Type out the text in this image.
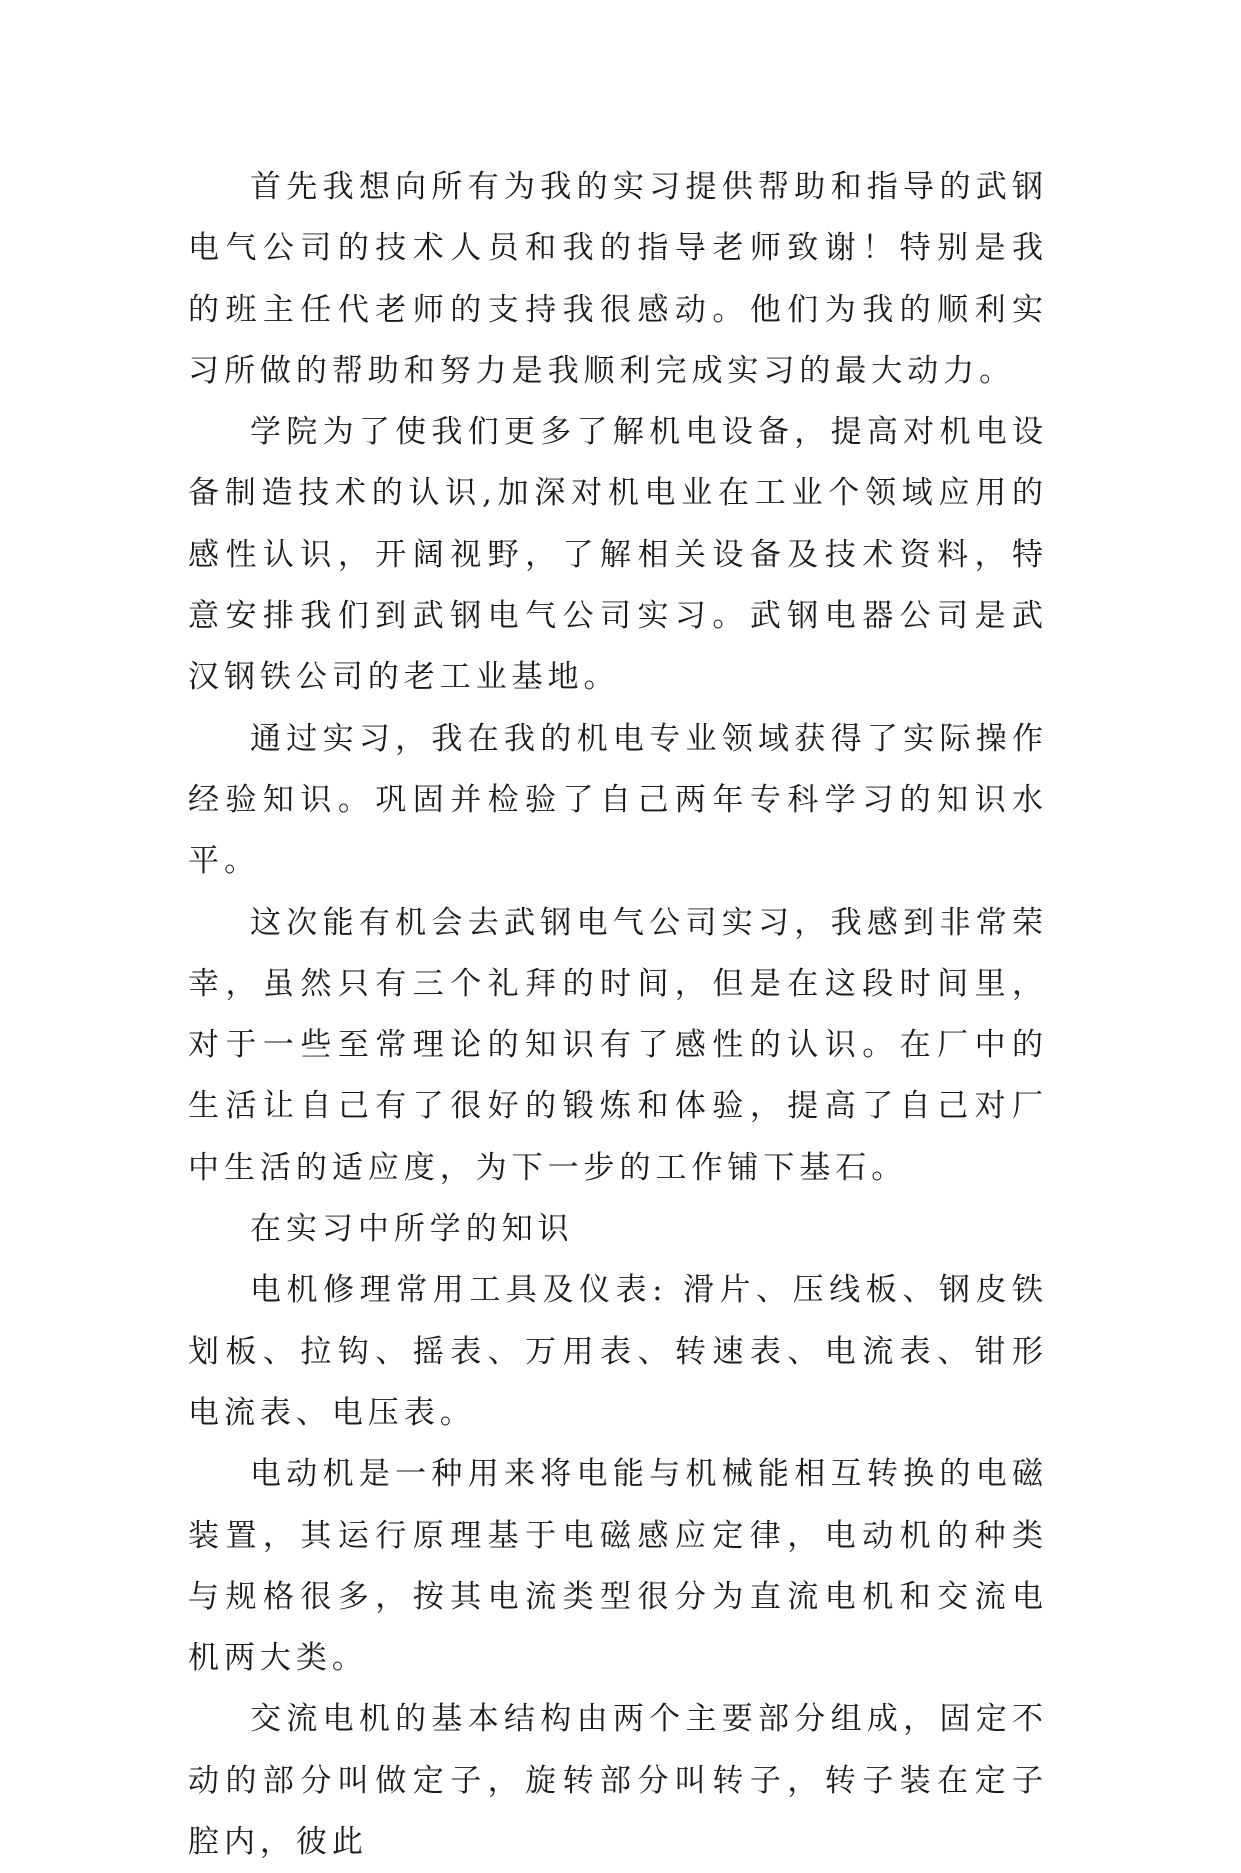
首先我想向所有为我的实习提供帮助和指导的武钢电气公司的技术人员和我的指导老师致谢！特别是我的班主任代老师的支持我很感动。他们为我的顺利实习所做的帮助和努力是我顺利完成实习的最大动力。

学院为了使我们更多了解机电设备，提高对机电设备制造技术的认识,加深对机电业在工业个领域应用的感性认识，开阔视野，了解相关设备及技术资料，特意安排我们到武钢电气公司实习。武钢电器公司是武汉钢铁公司的老工业基地。

通过实习，我在我的机电专业领域获得了实际操作经验知识。巩固并检验了自己两年专科学习的知识水平。

这次能有机会去武钢电气公司实习，我感到非常荣幸，虽然只有三个礼拜的时间，但是在这段时间里，对于一些至常理论的知识有了感性的认识。在厂中的生活让自己有了很好的锻炼和体验，提高了自己对厂中生活的适应度，为下一步的工作铺下基石。

在实习中所学的知识

电机修理常用工具及仪表: 滑片、压线板、钢皮铁划板、拉钩、摇表、万用表、转速表、电流表、钳形电流表、电压表。

电动机是一种用来将电能与机械能相互转换的电磁装置，其运行原理基于电磁感应定律，电动机的种类与规格很多，按其电流类型很分为直流电机和交流电机两大类。

交流电机的基本结构由两个主要部分组成，固定不动的部分叫做定子，旋转部分叫转子，转子装在定子腔内，彼此
